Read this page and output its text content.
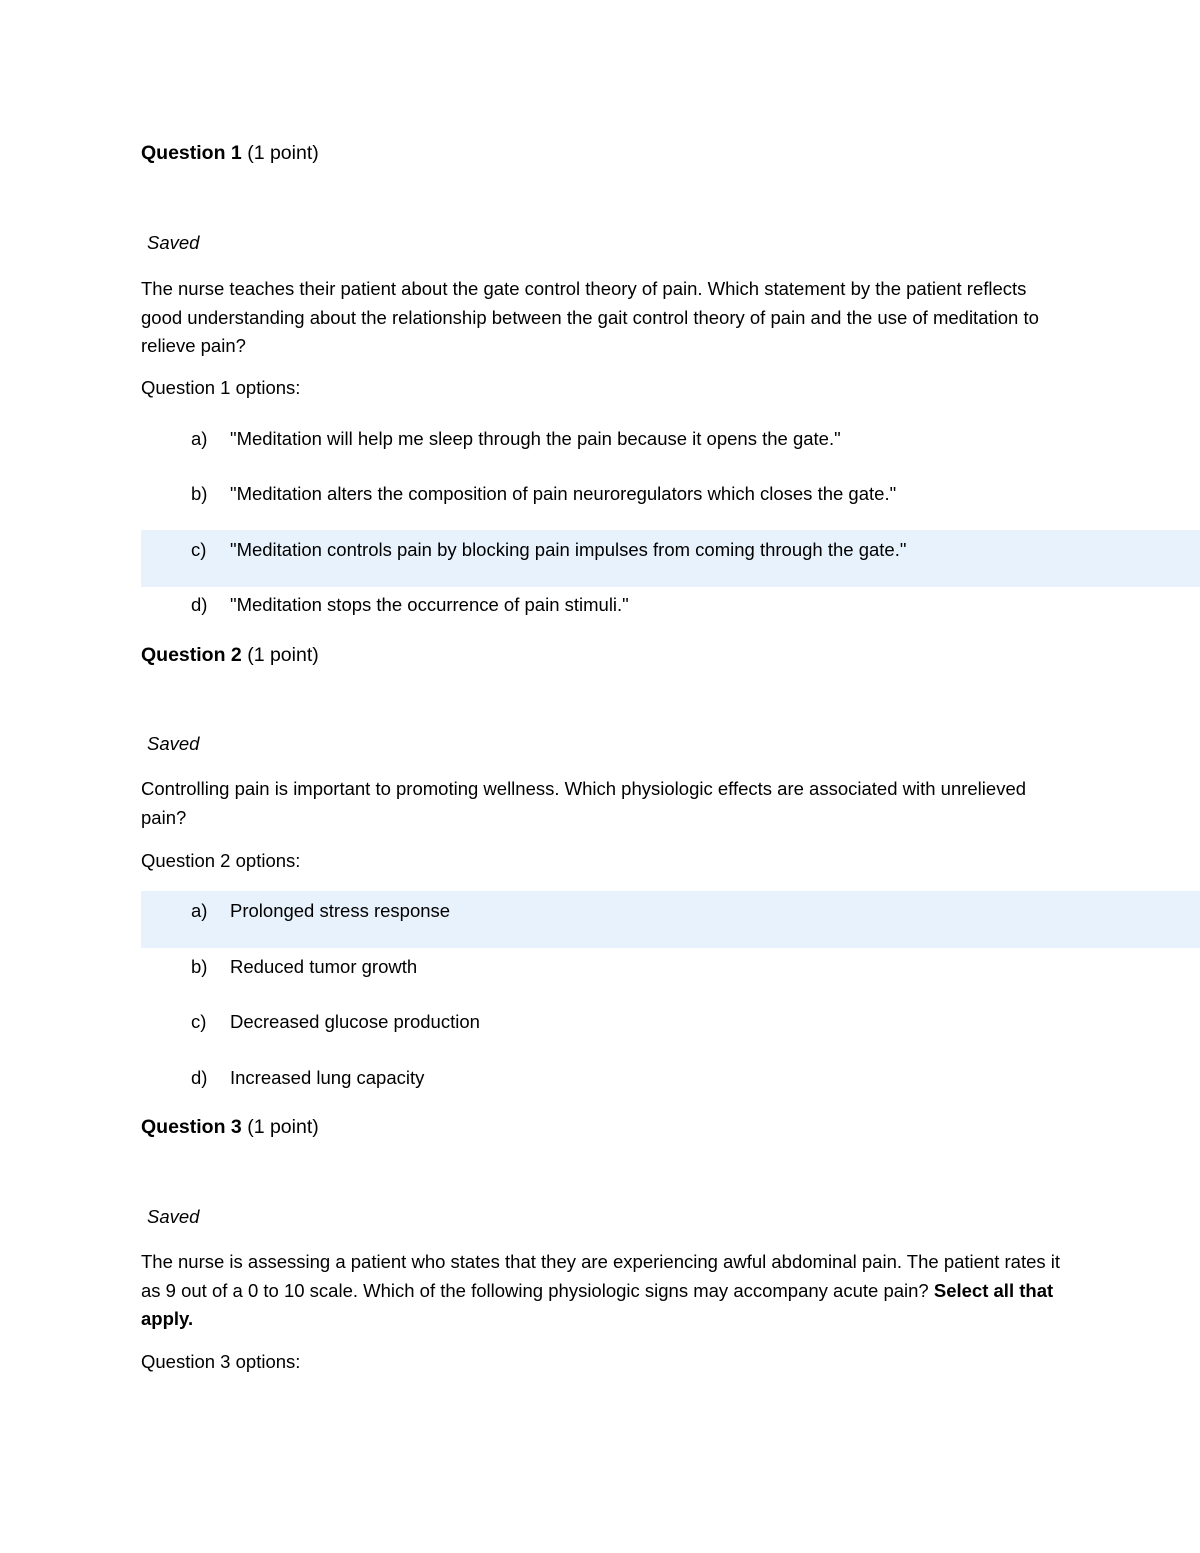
Question 1 (1 point)
Saved
The nurse teaches their patient about the gate control theory of pain. Which statement by the patient reflects good understanding about the relationship between the gait control theory of pain and the use of meditation to relieve pain?
Question 1 options:
a) "Meditation will help me sleep through the pain because it opens the gate."
b) "Meditation alters the composition of pain neuroregulators which closes the gate."
c) "Meditation controls pain by blocking pain impulses from coming through the gate."
d) "Meditation stops the occurrence of pain stimuli."
Question 2 (1 point)
Saved
Controlling pain is important to promoting wellness. Which physiologic effects are associated with unrelieved pain?
Question 2 options:
a) Prolonged stress response
b) Reduced tumor growth
c) Decreased glucose production
d) Increased lung capacity
Question 3 (1 point)
Saved
The nurse is assessing a patient who states that they are experiencing awful abdominal pain. The patient rates it as 9 out of a 0 to 10 scale. Which of the following physiologic signs may accompany acute pain? Select all that apply.
Question 3 options:
